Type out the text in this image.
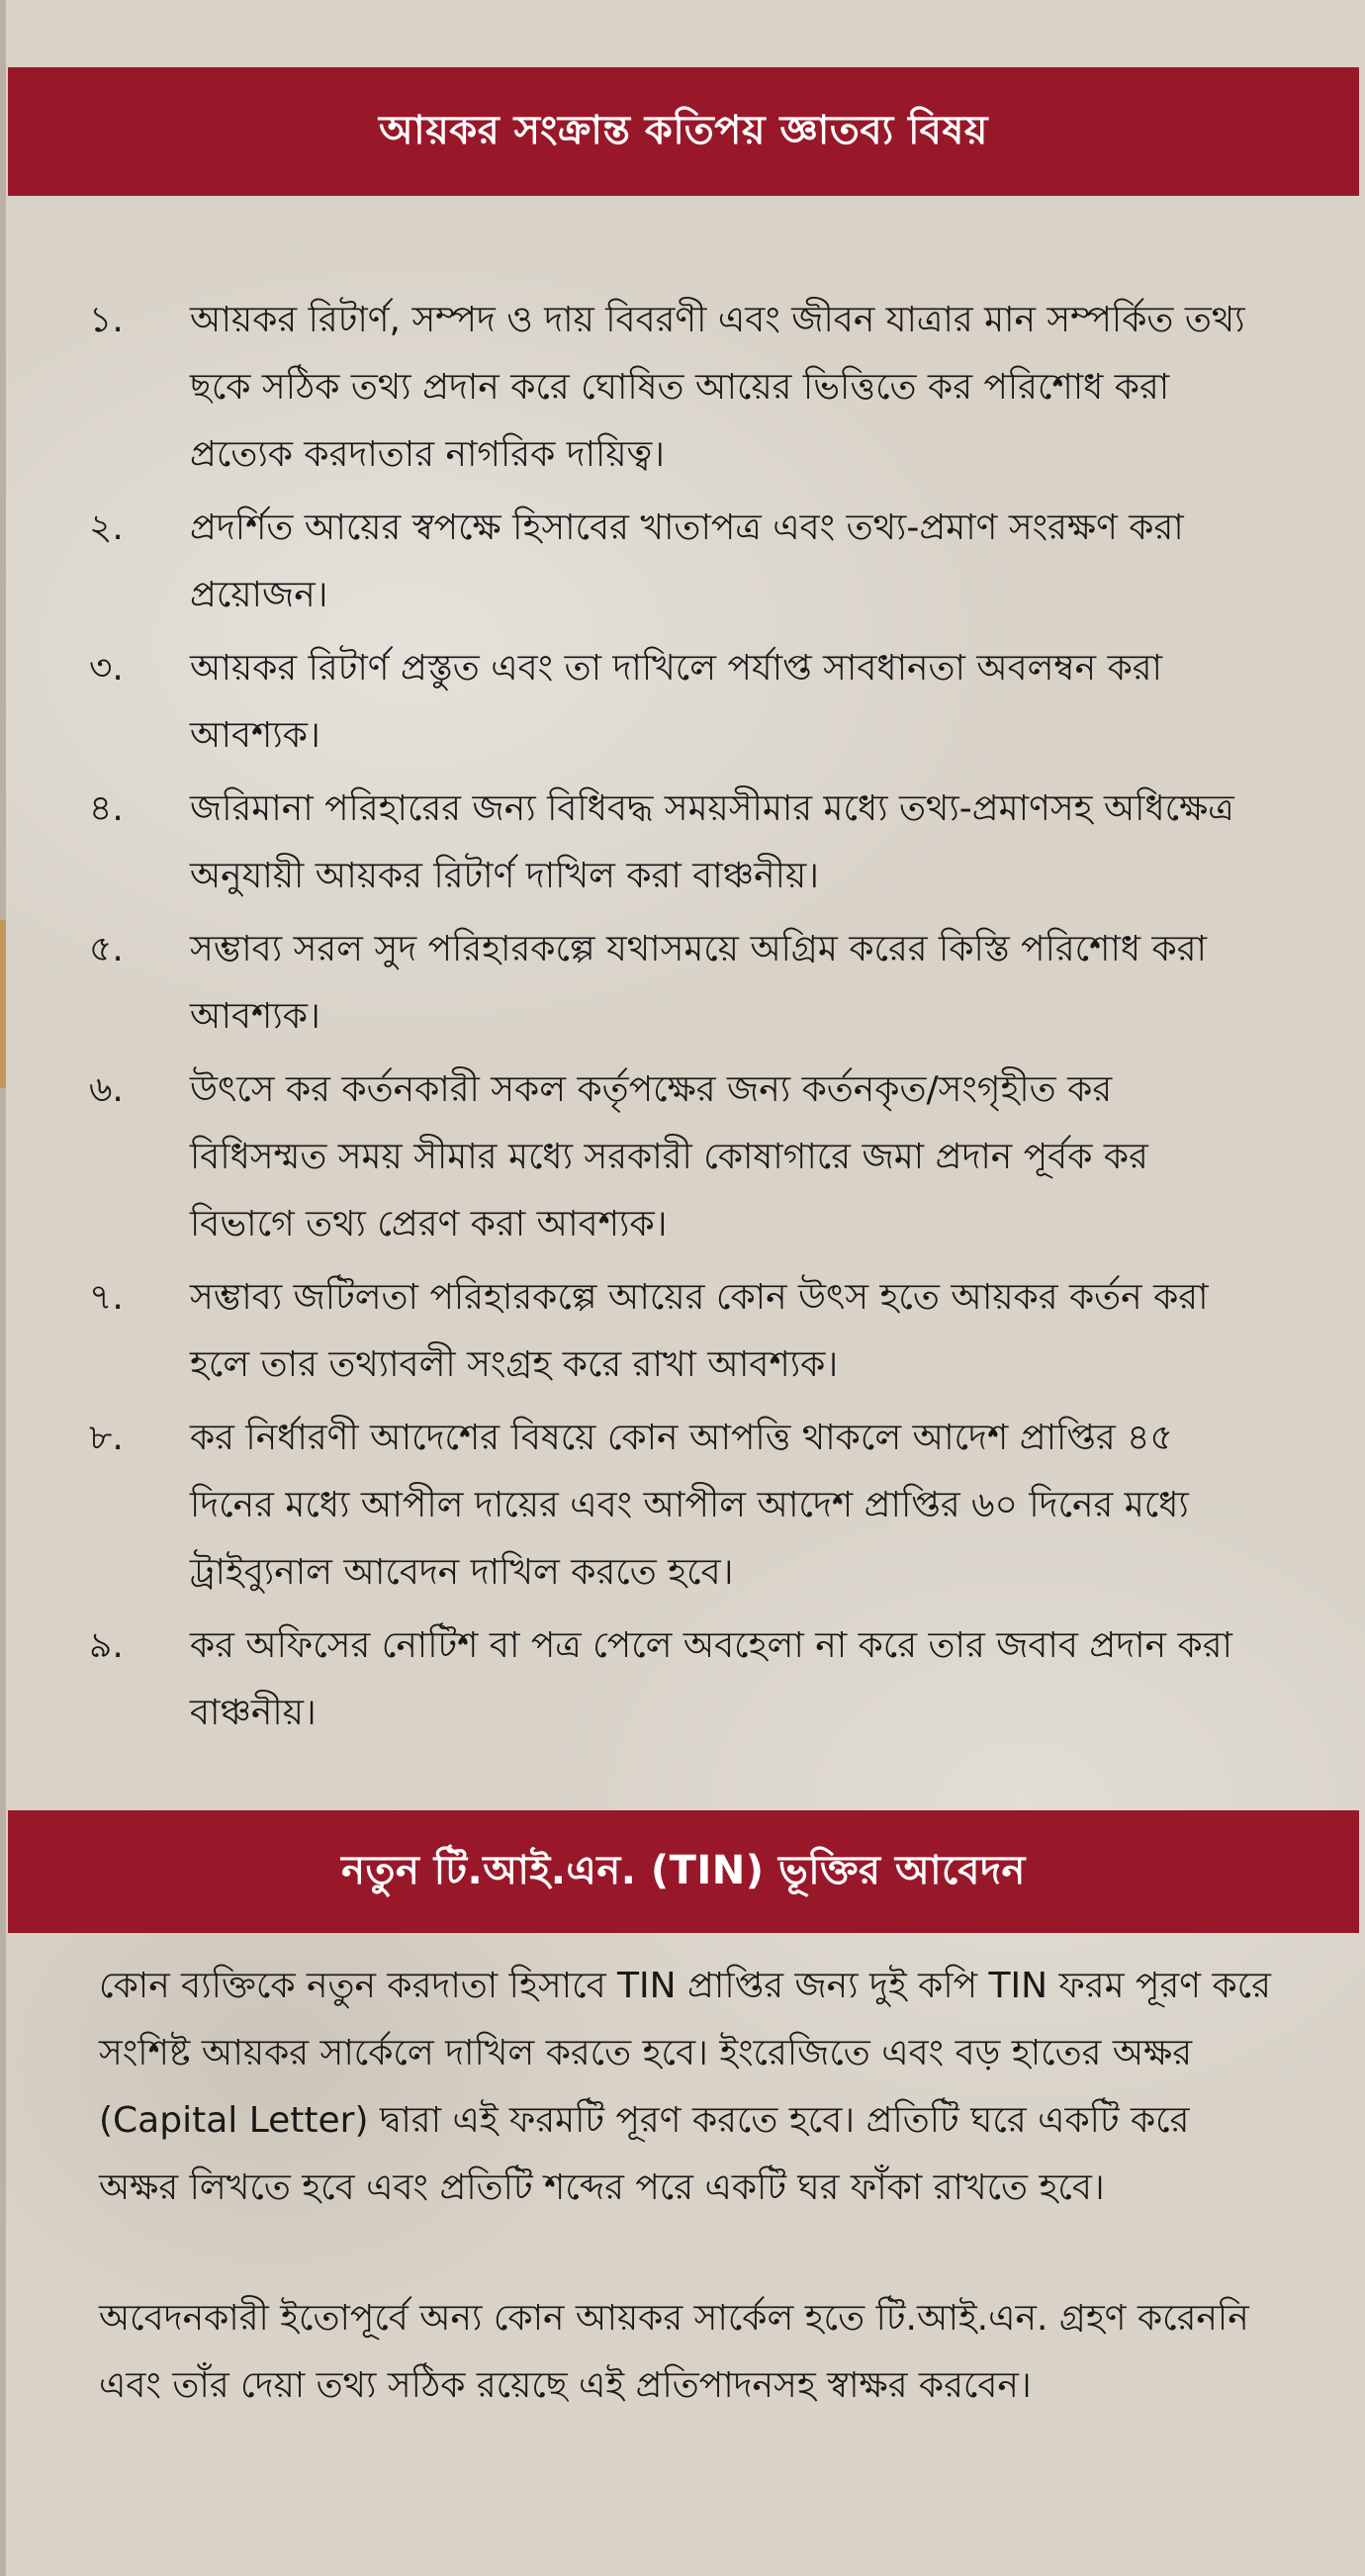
আয়কর সংক্রান্ত কতিপয় জ্ঞাতব্য বিষয়
১. আয়কর রিটার্ণ, সম্পদ ও দায় বিবরণী এবং জীবন যাত্রার মান সম্পর্কিত তথ্য ছকে সঠিক তথ্য প্রদান করে ঘোষিত আয়ের ভিত্তিতে কর পরিশোধ করা প্রত্যেক করদাতার নাগরিক দায়িত্ব।
২. প্রদর্শিত আয়ের স্বপক্ষে হিসাবের খাতাপত্র এবং তথ্য-প্রমাণ সংরক্ষণ করা প্রয়োজন।
৩. আয়কর রিটার্ণ প্রস্তুত এবং তা দাখিলে পর্যাপ্ত সাবধানতা অবলম্বন করা আবশ্যক।
৪. জরিমানা পরিহারের জন্য বিধিবদ্ধ সময়সীমার মধ্যে তথ্য-প্রমাণসহ অধিক্ষেত্র অনুযায়ী আয়কর রিটার্ণ দাখিল করা বাঞ্চনীয়।
৫. সম্ভাব্য সরল সুদ পরিহারকল্পে যথাসময়ে অগ্রিম করের কিস্তি পরিশোধ করা আবশ্যক।
৬. উৎসে কর কর্তনকারী সকল কর্তৃপক্ষের জন্য কর্তনকৃত/সংগৃহীত কর বিধিসম্মত সময় সীমার মধ্যে সরকারী কোষাগারে জমা প্রদান পূর্বক কর বিভাগে তথ্য প্রেরণ করা আবশ্যক।
৭. সম্ভাব্য জটিলতা পরিহারকল্পে আয়ের কোন উৎস হতে আয়কর কর্তন করা হলে তার তথ্যাবলী সংগ্রহ করে রাখা আবশ্যক।
৮. কর নির্ধারণী আদেশের বিষয়ে কোন আপত্তি থাকলে আদেশ প্রাপ্তির ৪৫ দিনের মধ্যে আপীল দায়ের এবং আপীল আদেশ প্রাপ্তির ৬০ দিনের মধ্যে ট্রাইব্যুনাল আবেদন দাখিল করতে হবে।
৯. কর অফিসের নোটিশ বা পত্র পেলে অবহেলা না করে তার জবাব প্রদান করা বাঞ্চনীয়।
নতুন টি.আই.এন. (TIN) ভূক্তির আবেদন
কোন ব্যক্তিকে নতুন করদাতা হিসাবে TIN প্রাপ্তির জন্য দুই কপি TIN ফরম পূরণ করে সংশিষ্ট আয়কর সার্কেলে দাখিল করতে হবে। ইংরেজিতে এবং বড় হাতের অক্ষর (Capital Letter) দ্বারা এই ফরমটি পূরণ করতে হবে। প্রতিটি ঘরে একটি করে অক্ষর লিখতে হবে এবং প্রতিটি শব্দের পরে একটি ঘর ফাঁকা রাখতে হবে।
অবেদনকারী ইতোপূর্বে অন্য কোন আয়কর সার্কেল হতে টি.আই.এন. গ্রহণ করেননি এবং তাঁর দেয়া তথ্য সঠিক রয়েছে এই প্রতিপাদনসহ স্বাক্ষর করবেন।
